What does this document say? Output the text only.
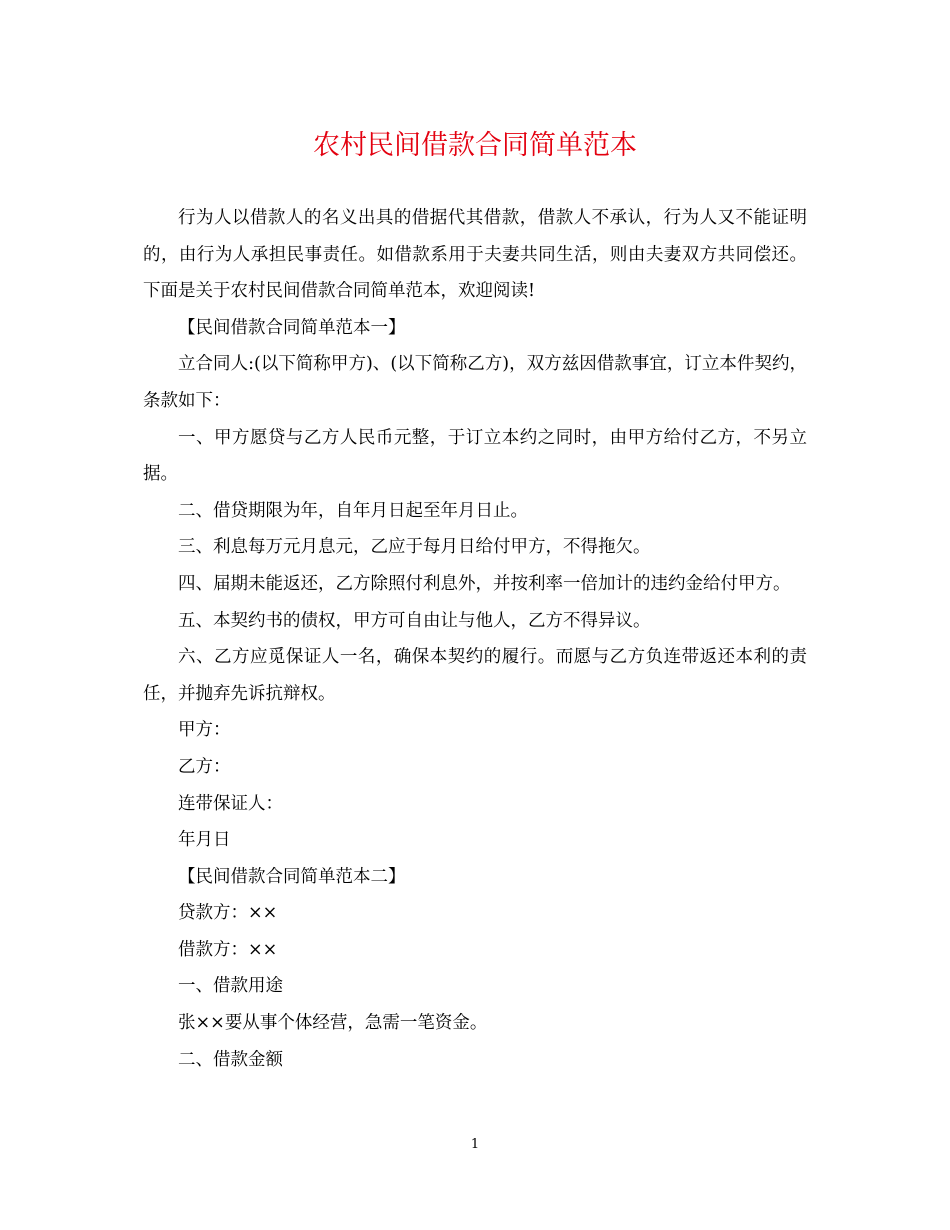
农村民间借款合同简单范本

行为人以借款人的名义出具的借据代其借款，借款人不承认，行为人又不能证明的，由行为人承担民事责任。如借款系用于夫妻共同生活，则由夫妻双方共同偿还。下面是关于农村民间借款合同简单范本，欢迎阅读!

【民间借款合同简单范本一】

立合同人:(以下简称甲方)、(以下简称乙方)，双方兹因借款事宜，订立本件契约，条款如下：

一、甲方愿贷与乙方人民币元整，于订立本约之同时，由甲方给付乙方，不另立据。

二、借贷期限为年，自年月日起至年月日止。

三、利息每万元月息元，乙应于每月日给付甲方，不得拖欠。

四、届期未能返还，乙方除照付利息外，并按利率一倍加计的违约金给付甲方。

五、本契约书的债权，甲方可自由让与他人，乙方不得异议。

六、乙方应觅保证人一名，确保本契约的履行。而愿与乙方负连带返还本利的责任，并抛弃先诉抗辩权。

甲方：

乙方：

连带保证人：

年月日

【民间借款合同简单范本二】

贷款方：××

借款方：××

一、借款用途

张××要从事个体经营，急需一笔资金。

二、借款金额

1
